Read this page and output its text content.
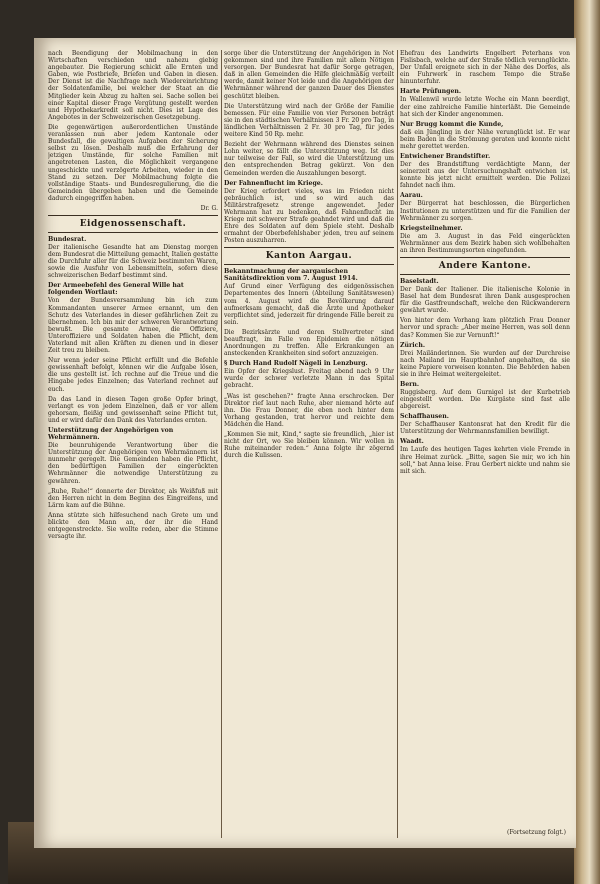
nach Beendigung der Mobilmachung in den Wirtschaften verschieden und nahezu giebig angebauter. Die Regierung schickt alle Ernten und Gaben, wie Postbriefe, Briefen und Gaben in diesen. Der Dienst ist die Nachfrage nach Wiedereinrichtung der Soldatenfamilie, bei welcher der Staat an die Mitglieder kein Abzug zu halten sei. Sache sollen bei einer Kapital dieser Frage Vergütung gestellt werden und Hypothekarkredit soll nicht. Dies ist Lage des Angebotes in der Schweizerischen Gesetzgebung.

Die gegenwärtigen außerordentlichen Umstände veranlassen nun aber jedem Kantonale oder Bundesfall, die gewaltigen Aufgaben der Sicherung selbst zu lösen. Deshalb muß die Erfahrung der jetzigen Umstände, für solche Familien mit angetretenen Lasten, die Möglichkeit vergangene ungeschickte und verzögerte Arbeiten, wieder in den Stand zu setzen. Der Mobilmachung folgte die vollständige Staats- und Bundesregulierung, die die Gemeinden übergeben haben und die Gemeinde dadurch eingegriffen haben.

Dr. G.

Eidgenossenschaft.
Bundesrat.

Der italienische Gesandte hat am Dienstag morgen dem Bundesrat die Mitteilung gemacht, Italien gestatte die Durchfuhr aller für die Schweiz bestimmten Waren, sowie die Ausfuhr von Lebensmitteln, sofern diese schweizerischen Bedarf bestimmt sind.

Der Armeebefehl des General Wille hat folgenden Wortlaut:

Von der Bundesversammlung bin ich zum Kommandanten unserer Armee ernannt, um den Schutz des Vaterlandes in dieser gefährlichen Zeit zu übernehmen. Ich bin mir der schweren Verantwortung bewußt. Die gesamte Armee, die Offiziere, Unteroffiziere und Soldaten haben die Pflicht, dem Vaterland mit allen Kräften zu dienen und in dieser Zeit treu zu bleiben.

Nur wenn jeder seine Pflicht erfüllt und die Befehle gewissenhaft befolgt, können wir die Aufgabe lösen, die uns gestellt ist. Ich rechne auf die Treue und die Hingabe jedes Einzelnen; das Vaterland rechnet auf euch.

Da das Land in diesen Tagen große Opfer bringt, verlangt es von jedem Einzelnen, daß er vor allem gehorsam, fleißig und gewissenhaft seine Pflicht tut, und er wird dafür den Dank des Vaterlandes ernten.

Unterstützung der Angehörigen von Wehrmännern.

Die beunruhigende Verantwortung über die Unterstützung der Angehörigen von Wehrmännern ist nunmehr geregelt. Die Gemeinden haben die Pflicht, den bedürftigen Familien der eingerückten Wehrmänner die notwendige Unterstützung zu gewähren.

„Ruhe, Ruhe!“ donnerte der Direktor, als Weißfuß mit den Herren nicht in dem Beginn des Eingreifens, und Lärm kam auf die Bühne.

Anna stützte sich hilfesuchend nach Grete um und blickte den Mann an, der ihr die Hand entgegenstreckte. Sie wollte reden, aber die Stimme versagte ihr.

sorge über die Unterstützung der Angehörigen in Not gekommen sind und ihre Familien mit allem Nötigen versorgen. Der Bundesrat hat dafür Sorge getragen, daß in allen Gemeinden die Hilfe gleichmäßig verteilt werde, damit keiner Not leide und die Angehörigen der Wehrmänner während der ganzen Dauer des Dienstes geschützt bleiben.

Die Unterstützung wird nach der Größe der Familie bemessen. Für eine Familie von vier Personen beträgt sie in den städtischen Verhältnissen 3 Fr. 20 pro Tag, in ländlichen Verhältnissen 2 Fr. 30 pro Tag, für jedes weitere Kind 50 Rp. mehr.

Bezieht der Wehrmann während des Dienstes seinen Lohn weiter, so fällt die Unterstützung weg. Ist dies nur teilweise der Fall, so wird die Unterstützung um den entsprechenden Betrag gekürzt. Von den Gemeinden werden die Auszahlungen besorgt.

Der Fahnenflucht im Kriege.

Der Krieg erfordert vieles, was im Frieden nicht gebräuchlich ist, und so wird auch das Militärstrafgesetz strenge angewendet. Jeder Wehrmann hat zu bedenken, daß Fahnenflucht im Kriege mit schwerer Strafe geahndet wird und daß die Ehre des Soldaten auf dem Spiele steht. Deshalb ermahnt der Oberbefehlshaber jeden, treu auf seinem Posten auszuharren.

Kanton Aargau.
Bekanntmachung der aargauischen Sanitätsdirektion vom 7. August 1914.

Auf Grund einer Verfügung des eidgenössischen Departementes des Innern (Abteilung Sanitätswesen) vom 4. August wird die Bevölkerung darauf aufmerksam gemacht, daß die Ärzte und Apotheker verpflichtet sind, jederzeit für dringende Fälle bereit zu sein.

Die Bezirksärzte und deren Stellvertreter sind beauftragt, im Falle von Epidemien die nötigen Anordnungen zu treffen. Alle Erkrankungen an ansteckenden Krankheiten sind sofort anzuzeigen.

§ Durch Hand Rudolf Nägeli in Lenzburg.

Ein Opfer der Kriegslust. Freitag abend nach 9 Uhr wurde der schwer verletzte Mann in das Spital gebracht.

„Was ist geschehen?“ fragte Anna erschrocken. Der Direktor rief laut nach Ruhe, aber niemand hörte auf ihn. Die Frau Donner, die eben noch hinter dem Vorhang gestanden, trat hervor und reichte dem Mädchen die Hand.

„Kommen Sie mit, Kind,“ sagte sie freundlich, „hier ist nicht der Ort, wo Sie bleiben können. Wir wollen in Ruhe miteinander reden.“ Anna folgte ihr zögernd durch die Kulissen.

Ehefrau des Landwirts Engelbert Peterhans von Fislisbach, welche auf der Straße tödlich verunglückte. Der Unfall ereignete sich in der Nähe des Dorfes, als ein Fuhrwerk in raschem Tempo die Straße hinunterfuhr.

Harte Prüfungen.

In Wallenwil wurde letzte Woche ein Mann beerdigt, der eine zahlreiche Familie hinterläßt. Die Gemeinde hat sich der Kinder angenommen.

Nur Brugg kommt die Kunde,

daß ein Jüngling in der Nähe verunglückt ist. Er war beim Baden in die Strömung geraten und konnte nicht mehr gerettet werden.

Entwichener Brandstifter.

Der des Brandstiftung verdächtigte Mann, der seinerzeit aus der Untersuchungshaft entwichen ist, konnte bis jetzt nicht ermittelt werden. Die Polizei fahndet nach ihm.

Aarau.

Der Bürgerrat hat beschlossen, die Bürgerlichen Institutionen zu unterstützen und für die Familien der Wehrmänner zu sorgen.

Kriegsteilnehmer.

Die am 3. August in das Feld eingerückten Wehrmänner aus dem Bezirk haben sich wohlbehalten an ihren Bestimmungsorten eingefunden.

Andere Kantone.
Baselstadt.

Der Dank der Italiener. Die italienische Kolonie in Basel hat dem Bundesrat ihren Dank ausgesprochen für die Gastfreundschaft, welche den Rückwanderern gewährt wurde.

Von hinter dem Vorhang kam plötzlich Frau Donner hervor und sprach: „Aber meine Herren, was soll denn das? Kommen Sie zur Vernunft!“

Zürich.

Drei Mailänderinnen. Sie wurden auf der Durchreise nach Mailand im Hauptbahnhof angehalten, da sie keine Papiere vorweisen konnten. Die Behörden haben sie in ihre Heimat weitergeleitet.

Bern.

Ruggisberg. Auf dem Gurnigel ist der Kurbetrieb eingestellt worden. Die Kurgäste sind fast alle abgereist.

Schaffhausen.

Der Schaffhauser Kantonsrat hat den Kredit für die Unterstützung der Wehrmannsfamilien bewilligt.

Waadt.

Im Laufe des heutigen Tages kehrten viele Fremde in ihre Heimat zurück. „Bitte, sagen Sie mir, wo ich hin soll,“ bat Anna leise. Frau Gerbert nickte und nahm sie mit sich.

(Fortsetzung folgt.)
